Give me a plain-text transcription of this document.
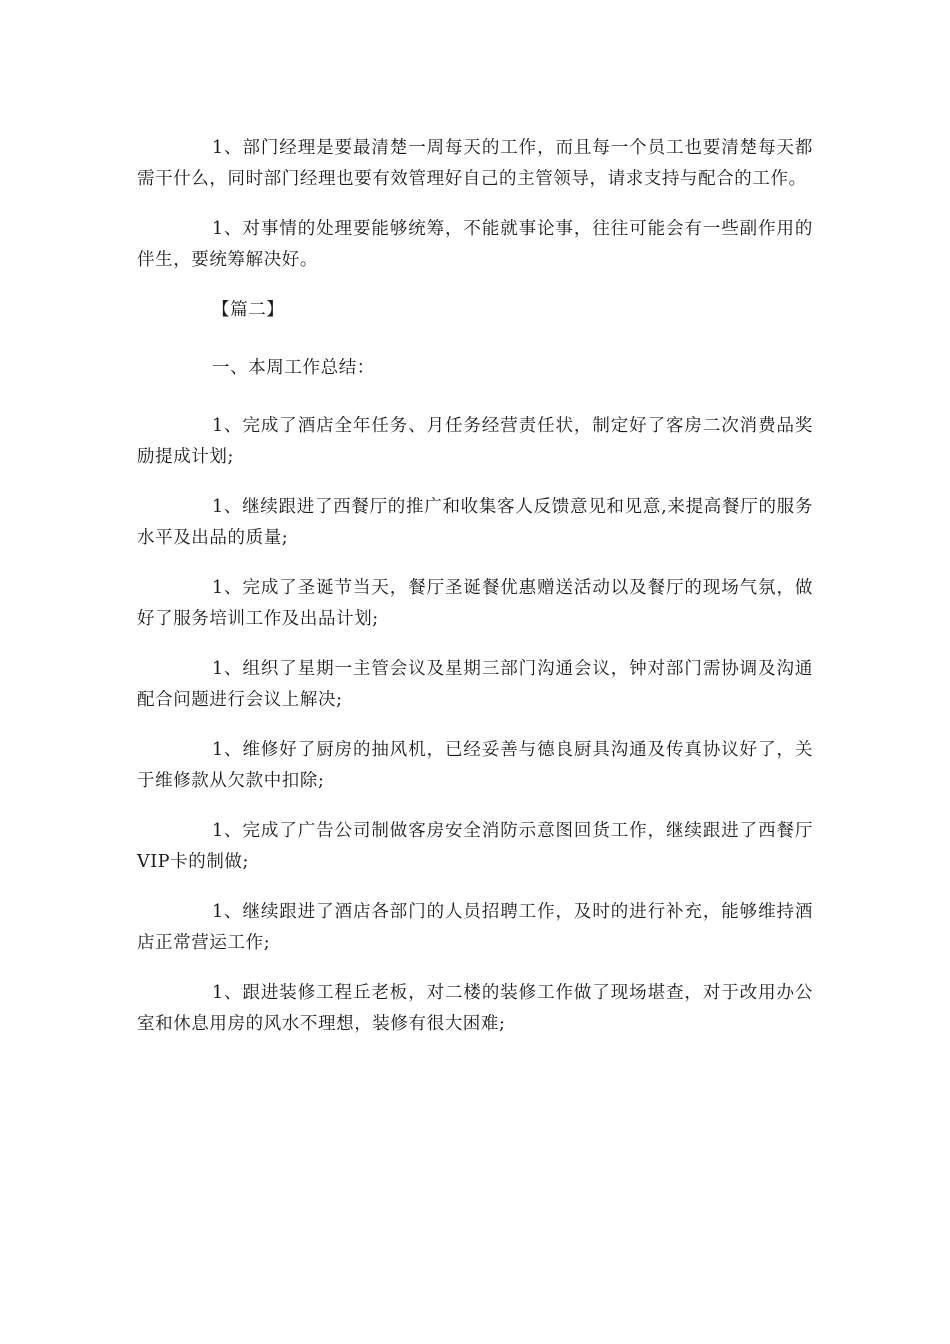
1、部门经理是要最清楚一周每天的工作，而且每一个员工也要清楚每天都需干什么，同时部门经理也要有效管理好自己的主管领导，请求支持与配合的工作。

1、对事情的处理要能够统筹，不能就事论事，往往可能会有一些副作用的伴生，要统筹解决好。

【篇二】

一、本周工作总结：

1、完成了酒店全年任务、月任务经营责任状，制定好了客房二次消费品奖励提成计划;

1、继续跟进了西餐厅的推广和收集客人反馈意见和见意,来提高餐厅的服务水平及出品的质量;

1、完成了圣诞节当天，餐厅圣诞餐优惠赠送活动以及餐厅的现场气氛，做好了服务培训工作及出品计划;

1、组织了星期一主管会议及星期三部门沟通会议，钟对部门需协调及沟通配合问题进行会议上解决;

1、维修好了厨房的抽风机，已经妥善与德良厨具沟通及传真协议好了，关于维修款从欠款中扣除;

1、完成了广告公司制做客房安全消防示意图回货工作，继续跟进了西餐厅VIP卡的制做;

1、继续跟进了酒店各部门的人员招聘工作，及时的进行补充，能够维持酒店正常营运工作;

1、跟进装修工程丘老板，对二楼的装修工作做了现场堪查，对于改用办公室和休息用房的风水不理想，装修有很大困难;
